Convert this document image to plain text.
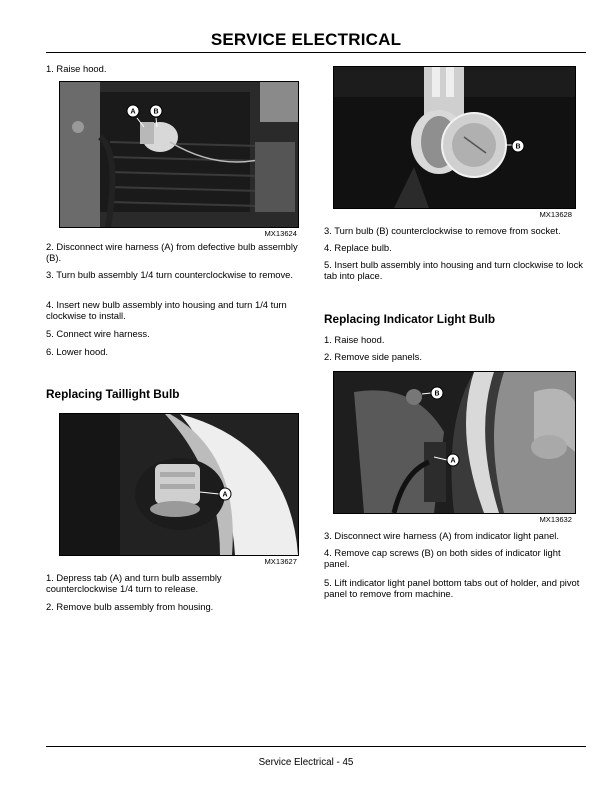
SERVICE ELECTRICAL
1. Raise hood.
A	B
MX13624
2. Disconnect wire harness (A) from defective bulb assembly (B).
3. Turn bulb assembly 1/4 turn counterclockwise to remove.
4. Insert new bulb assembly into housing and turn 1/4 turn clockwise to install.
5. Connect wire harness.
6. Lower hood.
Replacing Taillight Bulb
A
MX13627
1. Depress tab (A) and turn bulb assembly counterclockwise 1/4 turn to release.
2. Remove bulb assembly from housing.
B
MX13628
3. Turn bulb (B) counterclockwise to remove from socket.
4. Replace bulb.
5. Insert bulb assembly into housing and turn clockwise to lock tab into place.
Replacing Indicator Light Bulb
1. Raise hood.
2. Remove side panels.
B
A
MX13632
3. Disconnect wire harness (A) from indicator light panel.
4. Remove cap screws (B) on both sides of indicator light panel.
5. Lift indicator light panel bottom tabs out of holder, and pivot panel to remove from machine.
Service Electrical - 45
